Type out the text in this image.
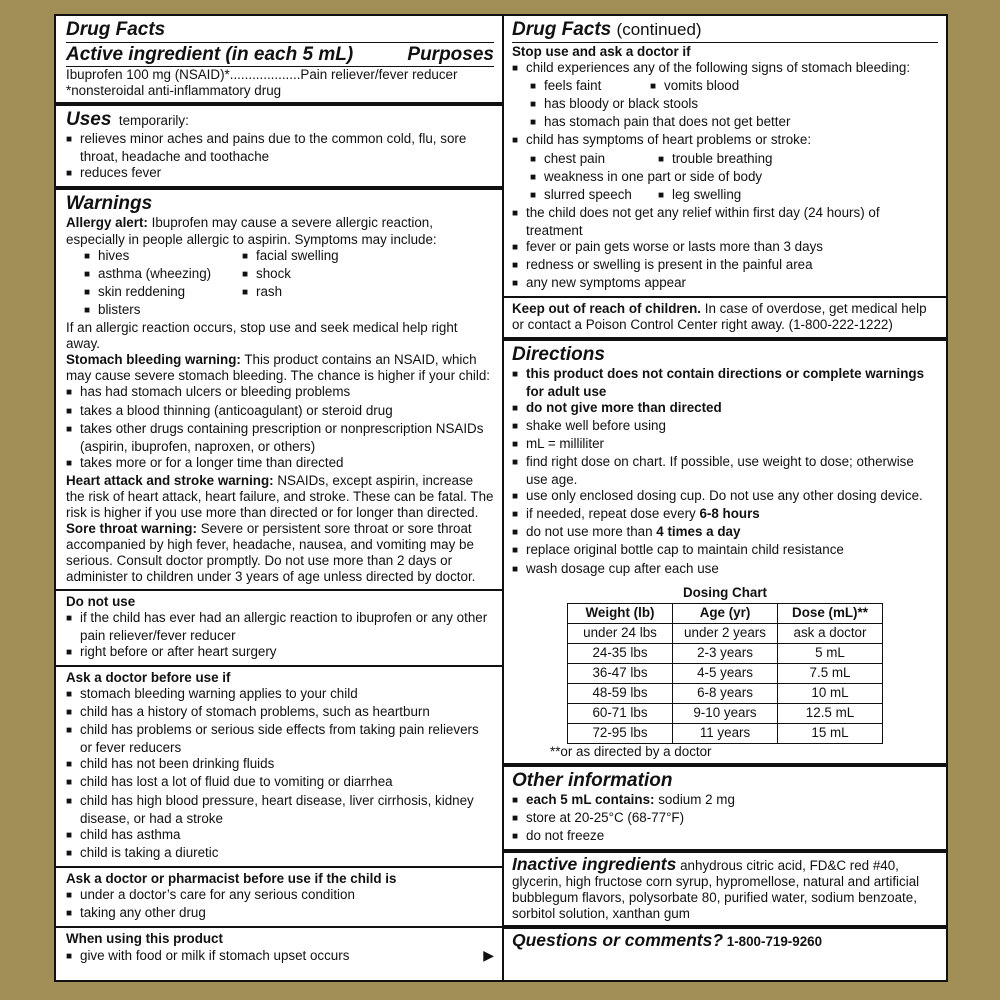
Drug Facts
Active ingredient (in each 5 mL)	Purposes
Ibuprofen 100 mg (NSAID)*...................Pain reliever/fever reducer
*nonsteroidal anti-inflammatory drug
Uses temporarily:
■ relieves minor aches and pains due to the common cold, flu, sore throat, headache and toothache
■ reduces fever
Warnings
Allergy alert: Ibuprofen may cause a severe allergic reaction, especially in people allergic to aspirin. Symptoms may include:
■ hives	■ facial swelling
■ asthma (wheezing)	■ shock
■ skin reddening	■ rash
■ blisters
If an allergic reaction occurs, stop use and seek medical help right away.
Stomach bleeding warning: This product contains an NSAID, which may cause severe stomach bleeding. The chance is higher if your child:
■ has had stomach ulcers or bleeding problems
■ takes a blood thinning (anticoagulant) or steroid drug
■ takes other drugs containing prescription or nonprescription NSAIDs (aspirin, ibuprofen, naproxen, or others)
■ takes more or for a longer time than directed
Heart attack and stroke warning: NSAIDs, except aspirin, increase the risk of heart attack, heart failure, and stroke. These can be fatal. The risk is higher if you use more than directed or for longer than directed.
Sore throat warning: Severe or persistent sore throat or sore throat accompanied by high fever, headache, nausea, and vomiting may be serious. Consult doctor promptly. Do not use more than 2 days or administer to children under 3 years of age unless directed by doctor.
Do not use
■ if the child has ever had an allergic reaction to ibuprofen or any other pain reliever/fever reducer
■ right before or after heart surgery
Ask a doctor before use if
■ stomach bleeding warning applies to your child
■ child has a history of stomach problems, such as heartburn
■ child has problems or serious side effects from taking pain relievers or fever reducers
■ child has not been drinking fluids
■ child has lost a lot of fluid due to vomiting or diarrhea
■ child has high blood pressure, heart disease, liver cirrhosis, kidney disease, or had a stroke
■ child has asthma
■ child is taking a diuretic
Ask a doctor or pharmacist before use if the child is
■ under a doctor’s care for any serious condition
■ taking any other drug
When using this product
■ give with food or milk if stomach upset occurs	▶
Drug Facts (continued)
Stop use and ask a doctor if
■ child experiences any of the following signs of stomach bleeding:
■ feels faint	■ vomits blood
■ has bloody or black stools
■ has stomach pain that does not get better
■ child has symptoms of heart problems or stroke:
■ chest pain	■ trouble breathing
■ weakness in one part or side of body
■ slurred speech	■ leg swelling
■ the child does not get any relief within first day (24 hours) of treatment
■ fever or pain gets worse or lasts more than 3 days
■ redness or swelling is present in the painful area
■ any new symptoms appear
Keep out of reach of children. In case of overdose, get medical help or contact a Poison Control Center right away. (1-800-222-1222)
Directions
■ this product does not contain directions or complete warnings for adult use
■ do not give more than directed
■ shake well before using
■ mL = milliliter
■ find right dose on chart. If possible, use weight to dose; otherwise use age.
■ use only enclosed dosing cup. Do not use any other dosing device.
■ if needed, repeat dose every 6-8 hours
■ do not use more than 4 times a day
■ replace original bottle cap to maintain child resistance
■ wash dosage cup after each use
Dosing Chart
Weight (lb)	Age (yr)	Dose (mL)**
under 24 lbs	under 2 years	ask a doctor
24-35 lbs	2-3 years	5 mL
36-47 lbs	4-5 years	7.5 mL
48-59 lbs	6-8 years	10 mL
60-71 lbs	9-10 years	12.5 mL
72-95 lbs	11 years	15 mL
**or as directed by a doctor
Other information
■ each 5 mL contains: sodium 2 mg
■ store at 20-25°C (68-77°F)
■ do not freeze
Inactive ingredients anhydrous citric acid, FD&C red #40, glycerin, high fructose corn syrup, hypromellose, natural and artificial bubblegum flavors, polysorbate 80, purified water, sodium benzoate, sorbitol solution, xanthan gum
Questions or comments? 1-800-719-9260
